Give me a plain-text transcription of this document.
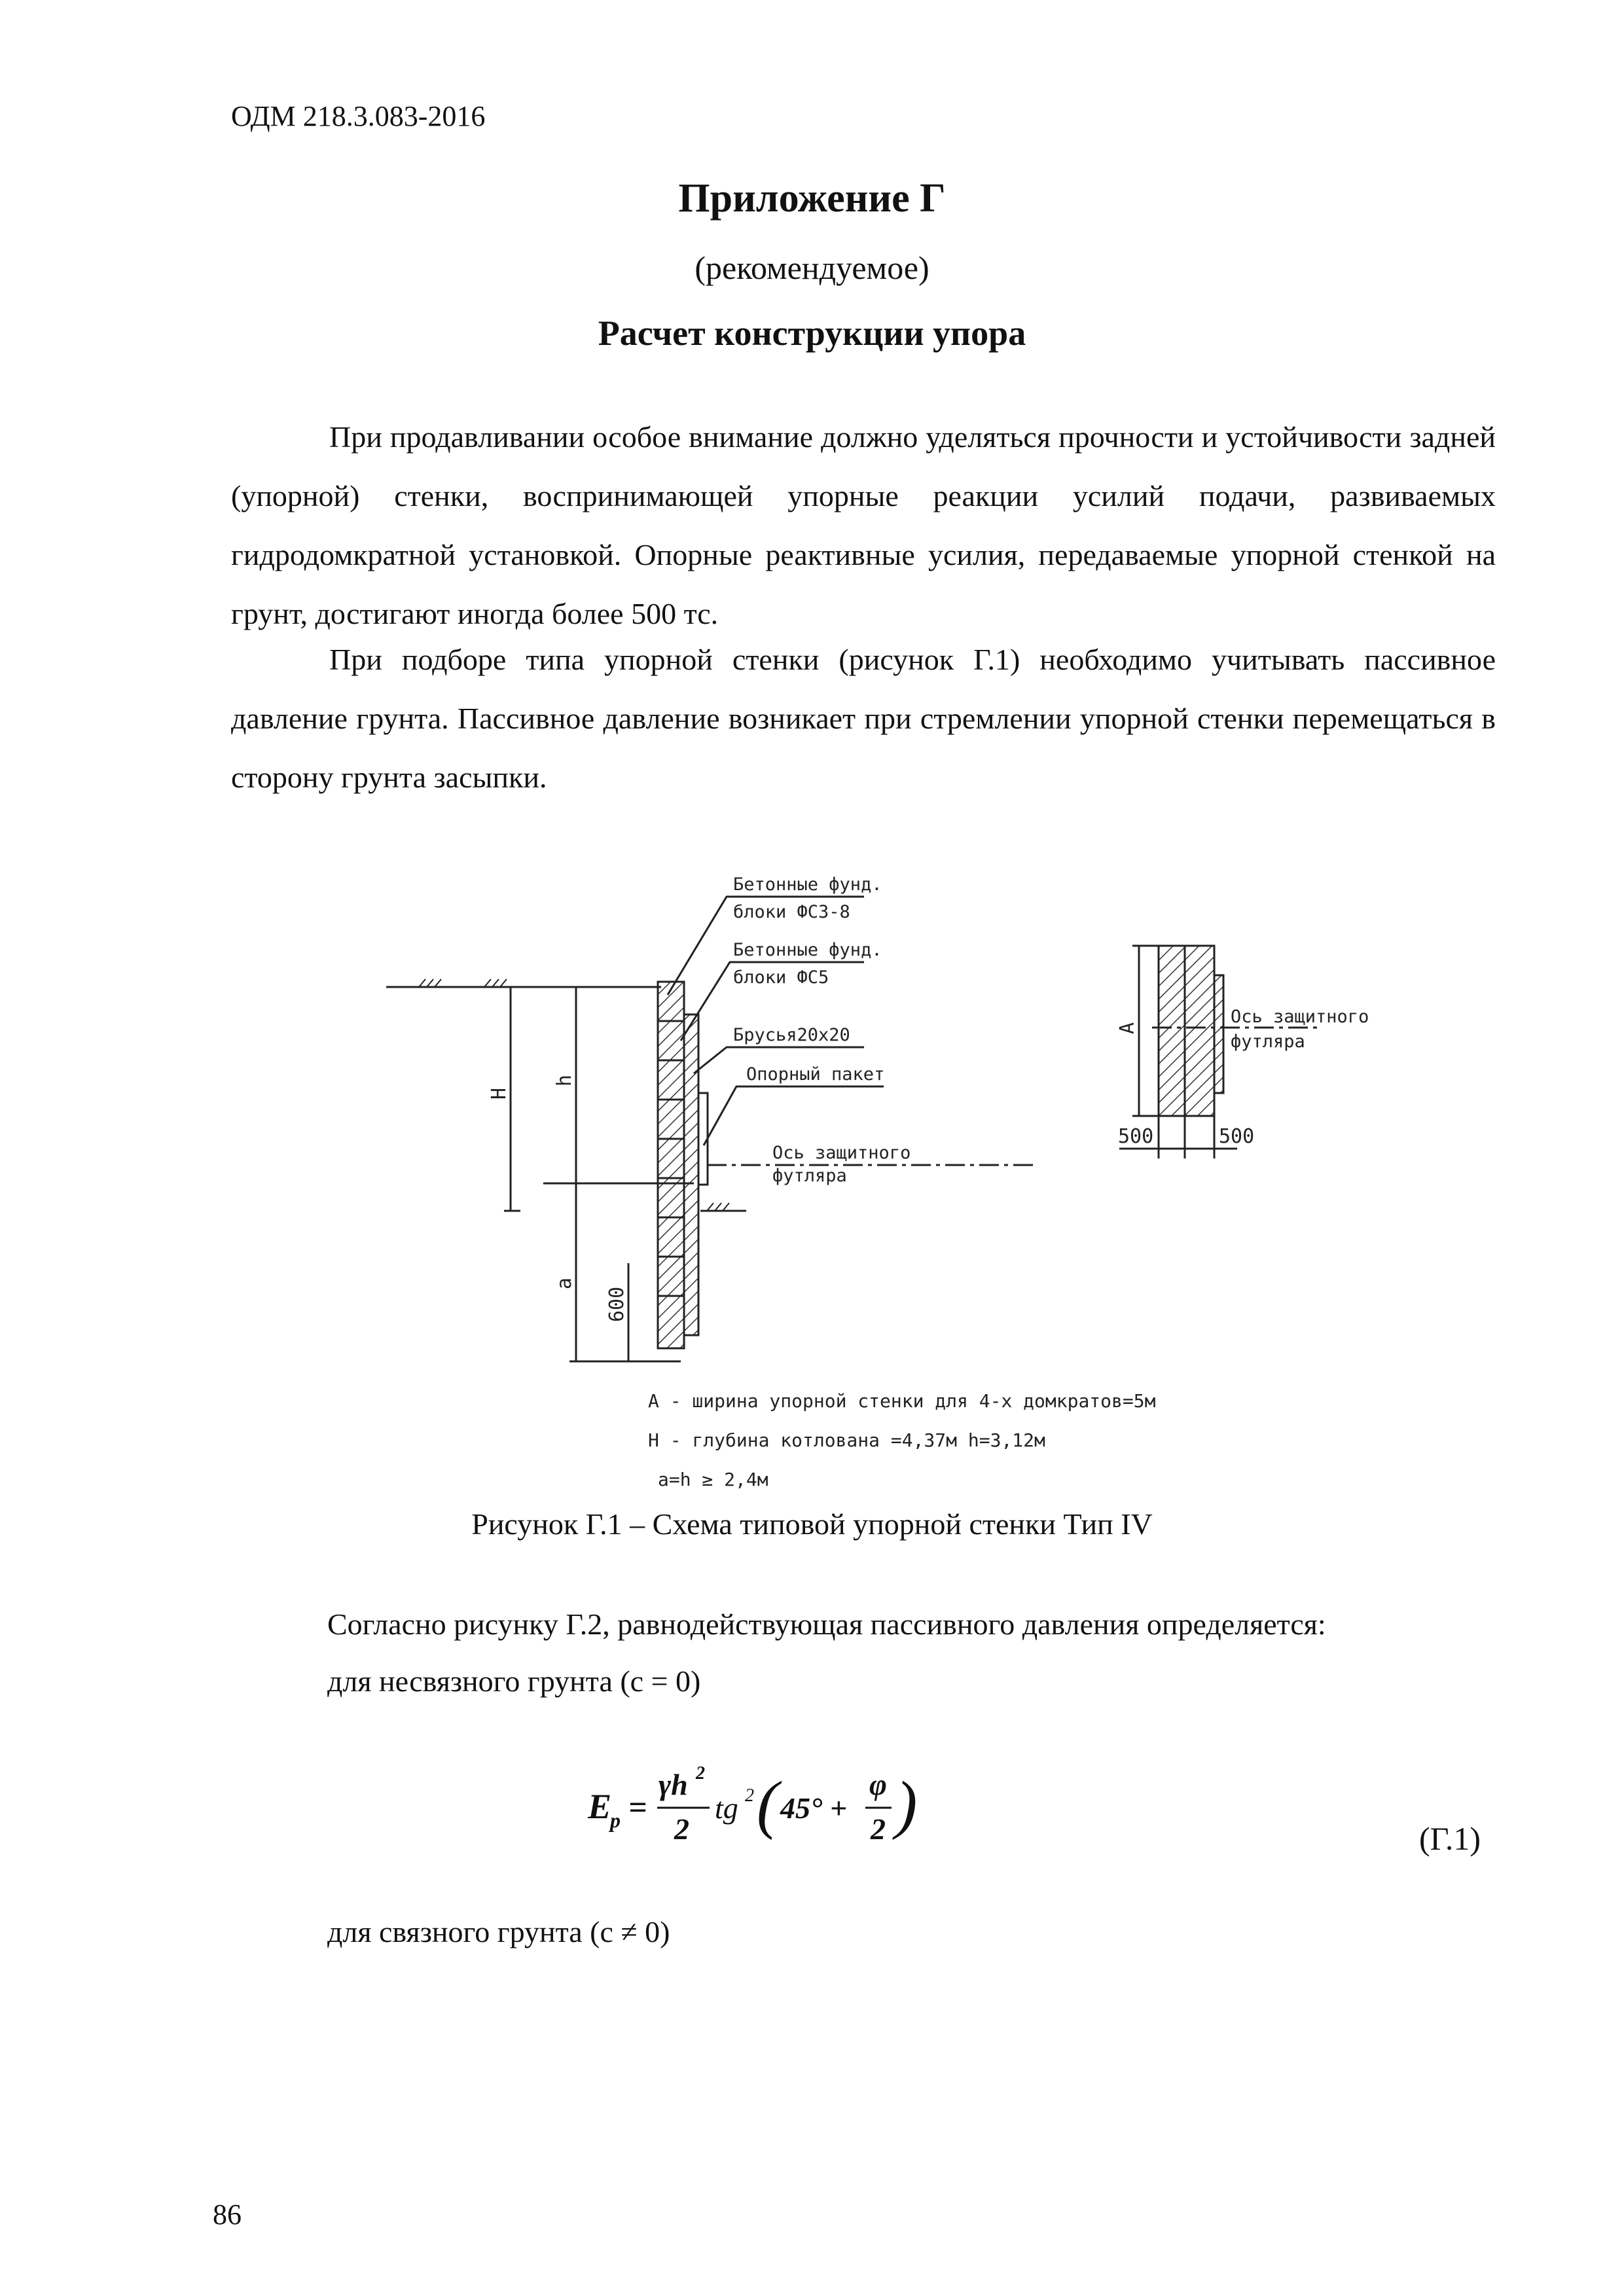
ОДМ 218.3.083-2016
Приложение Г
(рекомендуемое)
Расчет конструкции упора
При продавливании особое внимание должно уделяться прочности и устойчивости задней (упорной) стенки, воспринимающей упорные реакции усилий подачи, развиваемых гидродомкратной установкой. Опорные реактивные усилия, передаваемые упорной стенкой на грунт, достигают иногда более 500 тс.
При подборе типа упорной стенки (рисунок Г.1) необходимо учитывать пассивное давление грунта. Пассивное давление возникает при стремлении упорной стенки перемещаться в сторону грунта засыпки.
Бетонные фунд.
блоки ФС3-8
Бетонные фунд.
блоки ФС5
Брусья20х20
Опорный пакет
Ось защитного
футляра
H
h
a
600
A
500	500
Ось защитного
футляра
А - ширина упорной стенки для 4-х домкратов=5м
Н - глубина котлована =4,37м h=3,12м
a=h ≥ 2,4м
Рисунок Г.1 – Схема типовой упорной стенки Тип IV
Согласно рисунку Г.2, равнодействующая пассивного давления определяется:
для несвязного грунта (с = 0)
E
p =
γh 2
2
tg 2 ( 45° +
φ
2 )	(Г.1)
для связного грунта (с ≠ 0)
86
